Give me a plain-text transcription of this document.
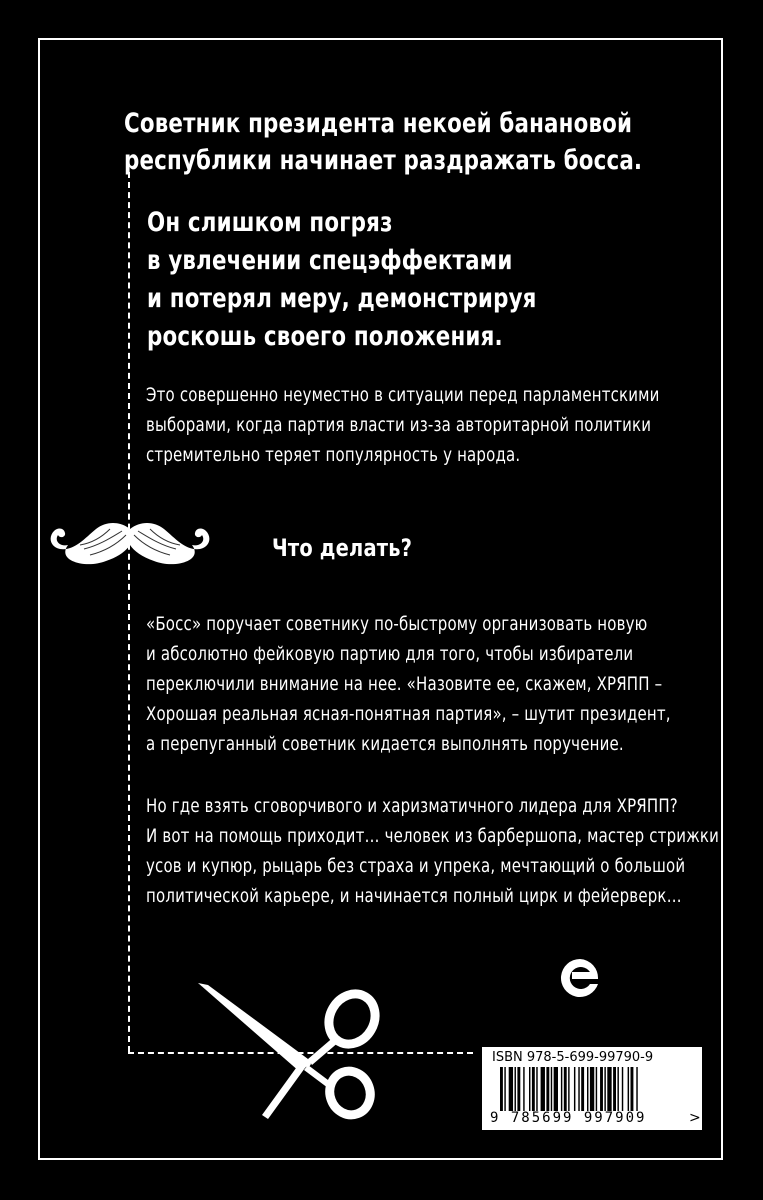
Советник президента некоей банановой
республики начинает раздражать босса.
Он слишком погряз
в увлечении спецэффектами
и потерял меру, демонстрируя
роскошь своего положения.
Это совершенно неуместно в ситуации перед парламентскими
выборами, когда партия власти из-за авторитарной политики
стремительно теряет популярность у народа.
Что делать?
«Босс» поручает советнику по-быстрому организовать новую
и абсолютно фейковую партию для того, чтобы избиратели
переключили внимание на нее. «Назовите ее, скажем, ХРЯПП –
Хорошая реальная ясная-понятная партия», – шутит президент,
а перепуганный советник кидается выполнять поручение.
Но где взять сговорчивого и харизматичного лидера для ХРЯПП?
И вот на помощь приходит… человек из барбершопа, мастер стрижки
усов и купюр, рыцарь без страха и упрека, мечтающий о большой
политической карьере, и начинается полный цирк и фейерверк…
ISBN 978-5-699-99790-9
9 785699 997909	>
